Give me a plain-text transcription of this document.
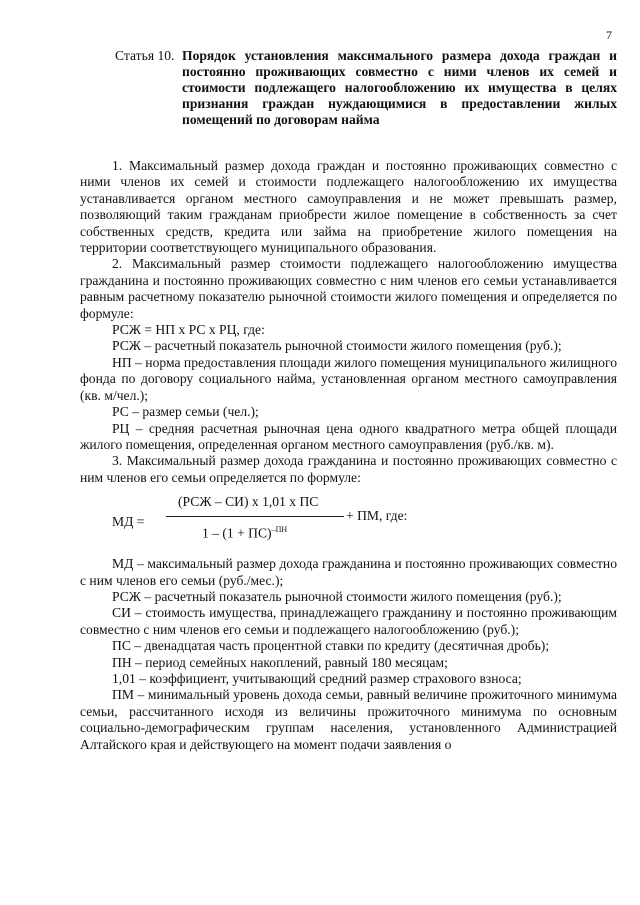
7
Статья 10. Порядок установления максимального размера дохода граждан и постоянно проживающих совместно с ними членов их семей и стоимости подлежащего налогообложению их имущества в целях признания граждан нуждающимися в предоставлении жилых помещений по договорам найма

1. Максимальный размер дохода граждан и постоянно проживающих совместно с ними членов их семей и стоимости подлежащего налогообложению их имущества устанавливается органом местного самоуправления и не может превышать размер, позволяющий таким гражданам приобрести жилое помещение в собственность за счет собственных средств, кредита или займа на приобретение жилого помещения на территории соответствующего муниципального образования.

2. Максимальный размер стоимости подлежащего налогообложению имущества гражданина и постоянно проживающих совместно с ним членов его семьи устанавливается равным расчетному показателю рыночной стоимости жилого помещения и определяется по формуле:

РСЖ = НП х РС х РЦ, где:

РСЖ – расчетный показатель рыночной стоимости жилого помещения (руб.);

НП – норма предоставления площади жилого помещения муниципального жилищного фонда по договору социального найма, установленная органом местного самоуправления (кв. м/чел.);

РС – размер семьи (чел.);

РЦ – средняя расчетная рыночная цена одного квадратного метра общей площади жилого помещения, определенная органом местного самоуправления (руб./кв. м).

3. Максимальный размер дохода гражданина и постоянно проживающих совместно с ним членов его семьи определяется по формуле:

МД =
(РСЖ – СИ) х 1,01 х ПС
1 – (1 + ПС)$^{-ПН}$
+ ПМ, где:

МД – максимальный размер дохода гражданина и постоянно проживающих совместно с ним членов его семьи (руб./мес.);

РСЖ – расчетный показатель рыночной стоимости жилого помещения (руб.);

СИ – стоимость имущества, принадлежащего гражданину и постоянно проживающим совместно с ним членов его семьи и подлежащего налогообложению (руб.);

ПС – двенадцатая часть процентной ставки по кредиту (десятичная дробь);

ПН – период семейных накоплений, равный 180 месяцам;

1,01 – коэффициент, учитывающий средний размер страхового взноса;

ПМ – минимальный уровень дохода семьи, равный величине прожиточного минимума семьи, рассчитанного исходя из величины прожиточного минимума по основным социально-демографическим группам населения, установленного Администрацией Алтайского края и действующего на момент подачи заявления о
